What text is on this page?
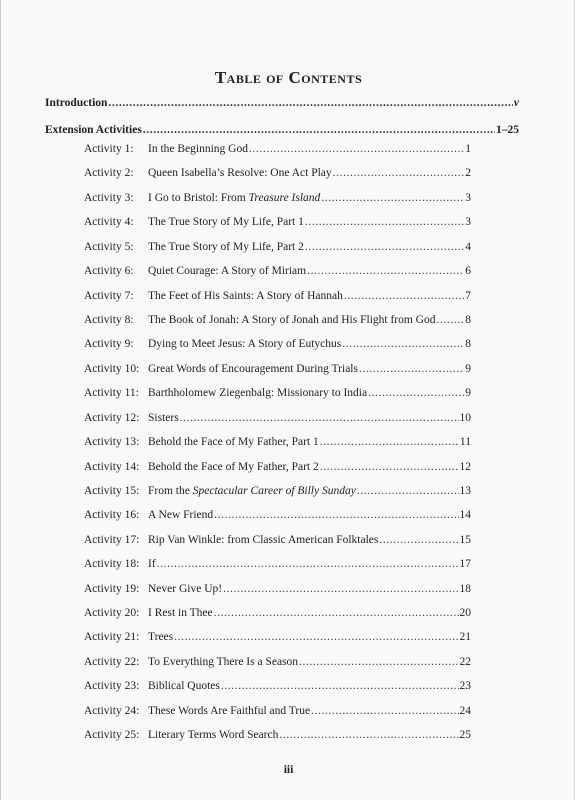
Table of Contents
Introduction .....	v
Extension Activities .....	1–25
Activity 1:	In the Beginning God .....	1
Activity 2:	Queen Isabella’s Resolve: One Act Play .....	2
Activity 3:	I Go to Bristol: From Treasure Island .....	3
Activity 4:	The True Story of My Life, Part 1 .....	3
Activity 5:	The True Story of My Life, Part 2 .....	4
Activity 6:	Quiet Courage: A Story of Miriam .....	6
Activity 7:	The Feet of His Saints: A Story of Hannah .....	7
Activity 8:	The Book of Jonah: A Story of Jonah and His Flight from God .....	8
Activity 9:	Dying to Meet Jesus: A Story of Eutychus .....	8
Activity 10: Great Words of Encouragement During Trials .....	9
Activity 11: Barthholomew Ziegenbalg: Missionary to India .....	9
Activity 12: Sisters .....	10
Activity 13: Behold the Face of My Father, Part 1 .....	11
Activity 14: Behold the Face of My Father, Part 2 .....	12
Activity 15: From the Spectacular Career of Billy Sunday .....	13
Activity 16: A New Friend .....	14
Activity 17: Rip Van Winkle: from Classic American Folktales .....	15
Activity 18: If .....	17
Activity 19: Never Give Up! .....	18
Activity 20: I Rest in Thee .....	20
Activity 21: Trees .....	21
Activity 22: To Everything There Is a Season .....	22
Activity 23: Biblical Quotes .....	23
Activity 24: These Words Are Faithful and True .....	24
Activity 25: Literary Terms Word Search .....	25
iii
